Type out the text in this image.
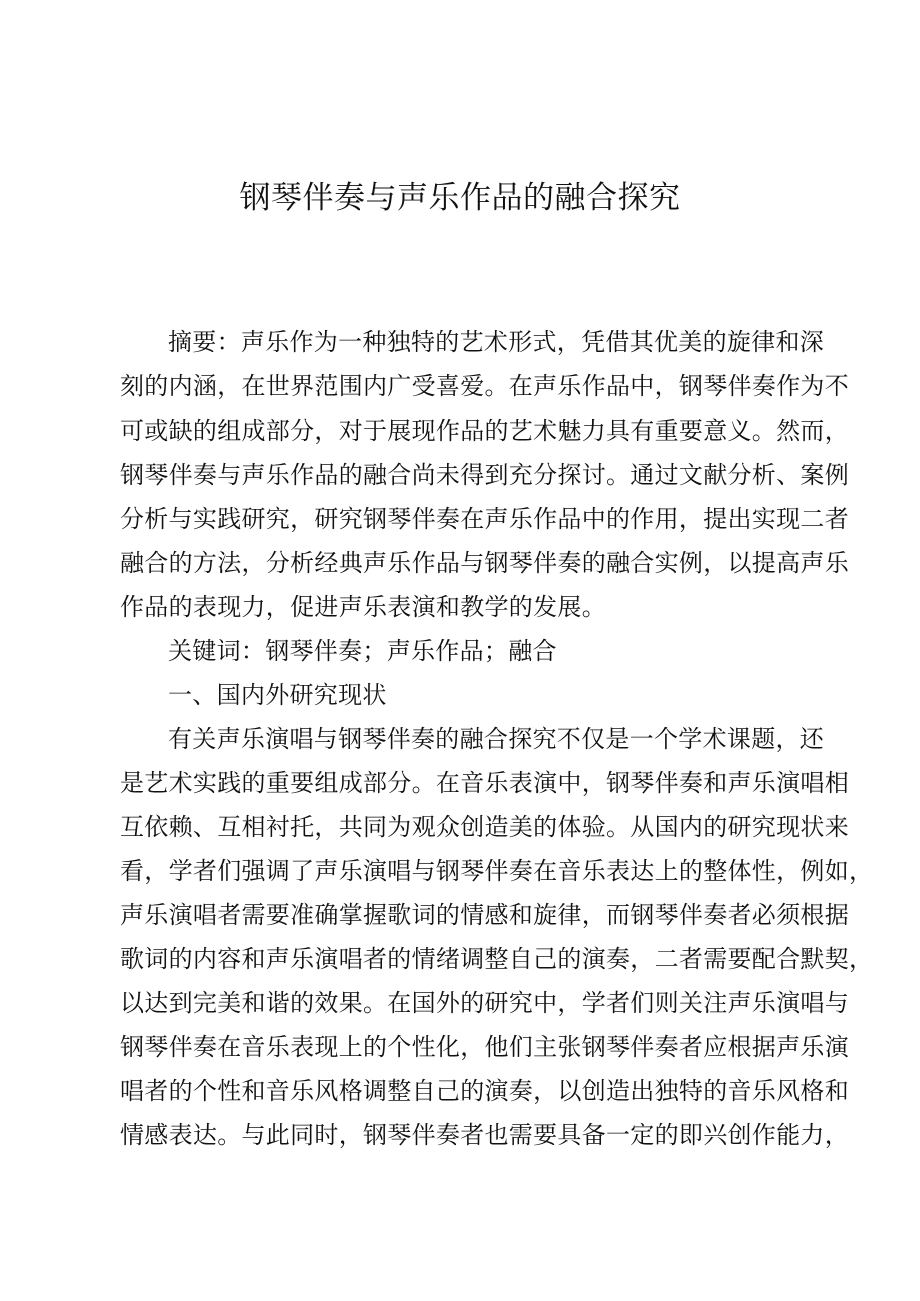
钢琴伴奏与声乐作品的融合探究

摘要：声乐作为一种独特的艺术形式，凭借其优美的旋律和深

刻的内涵，在世界范围内广受喜爱。在声乐作品中，钢琴伴奏作为不

可或缺的组成部分，对于展现作品的艺术魅力具有重要意义。然而，

钢琴伴奏与声乐作品的融合尚未得到充分探讨。通过文献分析、案例

分析与实践研究，研究钢琴伴奏在声乐作品中的作用，提出实现二者

融合的方法，分析经典声乐作品与钢琴伴奏的融合实例，以提高声乐

作品的表现力，促进声乐表演和教学的发展。

关键词：钢琴伴奏；声乐作品；融合

一、国内外研究现状

有关声乐演唱与钢琴伴奏的融合探究不仅是一个学术课题，还

是艺术实践的重要组成部分。在音乐表演中，钢琴伴奏和声乐演唱相

互依赖、互相衬托，共同为观众创造美的体验。从国内的研究现状来

看，学者们强调了声乐演唱与钢琴伴奏在音乐表达上的整体性，例如，

声乐演唱者需要准确掌握歌词的情感和旋律，而钢琴伴奏者必须根据

歌词的内容和声乐演唱者的情绪调整自己的演奏，二者需要配合默契，

以达到完美和谐的效果。在国外的研究中，学者们则关注声乐演唱与

钢琴伴奏在音乐表现上的个性化，他们主张钢琴伴奏者应根据声乐演

唱者的个性和音乐风格调整自己的演奏，以创造出独特的音乐风格和

情感表达。与此同时，钢琴伴奏者也需要具备一定的即兴创作能力，
